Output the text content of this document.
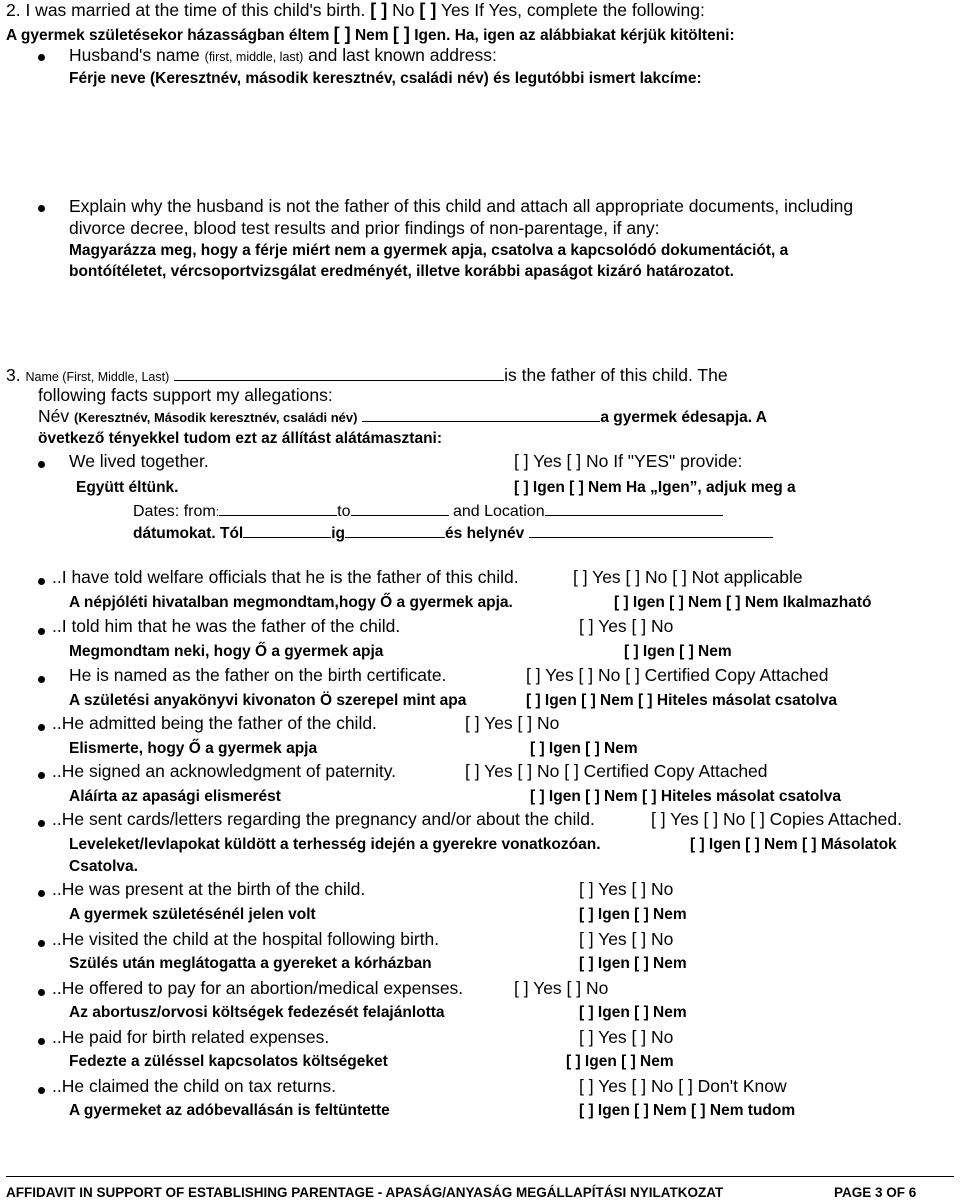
2. I was married at the time of this child's birth. [ ] No [ ] Yes If Yes, complete the following:
A gyermek születésekor házasságban éltem [ ] Nem [ ] Igen. Ha, igen az alábbiakat kérjük kitölteni:
Husband's name (first, middle, last) and last known address:
Férje neve (Keresztnév, második keresztnév, családi név) és legutóbbi ismert lakcíme:
Explain why the husband is not the father of this child and attach all appropriate documents, including
divorce decree, blood test results and prior findings of non-parentage, if any:
Magyarázza meg, hogy a férje miért nem a gyermek apja, csatolva a kapcsolódó dokumentációt, a
bontóítéletet, vércsoportvizsgálat eredményét, illetve korábbi apaságot kizáró határozatot.
3. Name (First, Middle, Last)	is the father of this child. The
following facts support my allegations:
Név (Keresztnév, Második keresztnév, családi név)	a gyermek édesapja. A
övetkező tényekkel tudom ezt az állítást alátámasztani:
We lived together.	[ ] Yes [ ] No If "YES" provide:
Együtt éltünk.	[ ] Igen [ ] Nem Ha „Igen”, adjuk meg a
Dates: from:	to	and Location
dátumokat. Tól	ig	és helynév
..I have told welfare officials that he is the father of this child.	[ ] Yes [ ] No [ ] Not applicable
A népjóléti hivatalban megmondtam,hogy Ő a gyermek apja.	[ ] Igen [ ] Nem [ ] Nem Ikalmazható
..I told him that he was the father of the child.	[ ] Yes [ ] No
Megmondtam neki, hogy Ő a gyermek apja	[ ] Igen [ ] Nem
He is named as the father on the birth certificate.	[ ] Yes [ ] No [ ] Certified Copy Attached
A születési anyakönyvi kivonaton Ö szerepel mint apa	[ ] Igen [ ] Nem [ ] Hiteles másolat csatolva
..He admitted being the father of the child.	[ ] Yes [ ] No
Elismerte, hogy Ő a gyermek apja	[ ] Igen [ ] Nem
..He signed an acknowledgment of paternity.	[ ] Yes [ ] No [ ] Certified Copy Attached
Aláírta az apasági elismerést	[ ] Igen [ ] Nem [ ] Hiteles másolat csatolva
..He sent cards/letters regarding the pregnancy and/or about the child.	[ ] Yes [ ] No [ ] Copies Attached.
Leveleket/levlapokat küldött a terhesség idején a gyerekre vonatkozóan.	[ ] Igen [ ] Nem [ ] Másolatok
Csatolva.
..He was present at the birth of the child.	[ ] Yes [ ] No
A gyermek születésénél jelen volt	[ ] Igen [ ] Nem
..He visited the child at the hospital following birth.	[ ] Yes [ ] No
Szülés után meglátogatta a gyereket a kórházban	[ ] Igen [ ] Nem
..He offered to pay for an abortion/medical expenses.	[ ] Yes [ ] No
Az abortusz/orvosi költségek fedezését felajánlotta	[ ] Igen [ ] Nem
..He paid for birth related expenses.	[ ] Yes [ ] No
Fedezte a züléssel kapcsolatos költségeket	[ ] Igen [ ] Nem
..He claimed the child on tax returns.	[ ] Yes [ ] No [ ] Don't Know
A gyermeket az adóbevallásán is feltüntette	[ ] Igen [ ] Nem [ ] Nem tudom
AFFIDAVIT IN SUPPORT OF ESTABLISHING PARENTAGE - APASÁG/ANYASÁG MEGÁLLAPÍTÁSI NYILATKOZAT	PAGE 3 OF 6
